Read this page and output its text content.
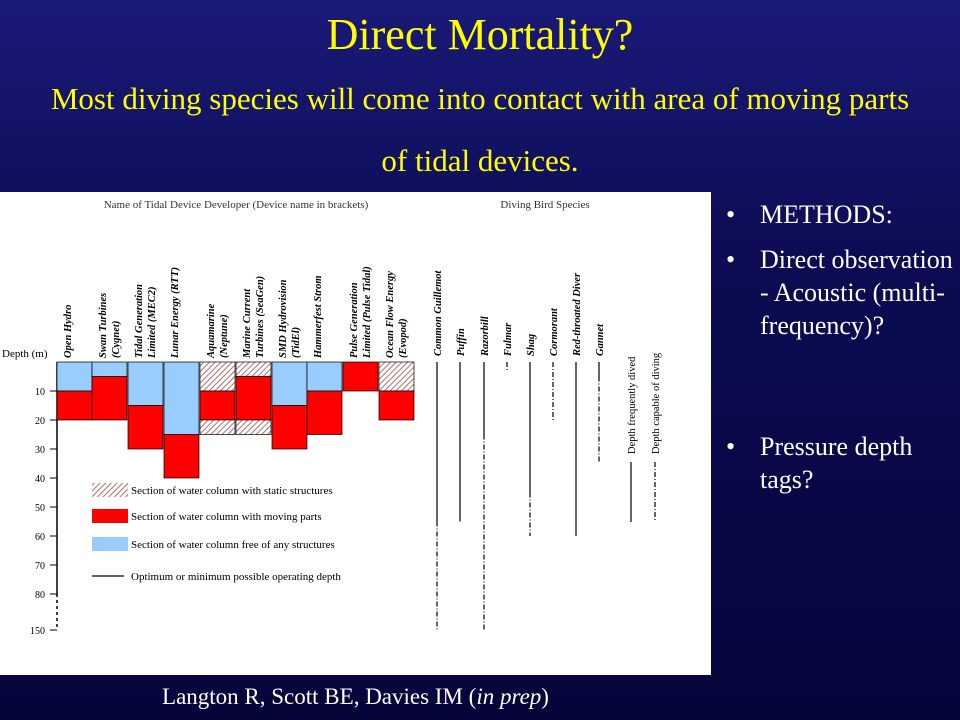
Direct Mortality?
Most diving species will come into contact with area of moving parts of tidal devices.
Name of Tidal Device Developer (Device name in brackets)	Diving Bird Species
Depth (m)
10
20
30
40
50
60
70
80
150
Open Hydro Swan Turbines (Cygnet) Tidal Generation Limited (MEC2) Lunar Energy (RTT) Aquamarine (Neptune) Marine Current Turbines (SeaGen) SMD Hydrovision (TidEl) Hammerfest Strom Pulse Generation Limited (Pulse Tidal) Ocean Flow Energy (Evopod) Common Guillemot Puffin Razorbill Fulmar Shag Cormorant Red-throated Diver Gannet
Depth frequently dived Depth capable of diving
Section of water column with static structures
Section of water column with moving parts
Section of water column free of any structures
Optimum or minimum possible operating depth
• METHODS:
• Direct observation - Acoustic (multi-frequency)?
• Pressure depth tags?
Langton R, Scott BE, Davies IM (in prep)
